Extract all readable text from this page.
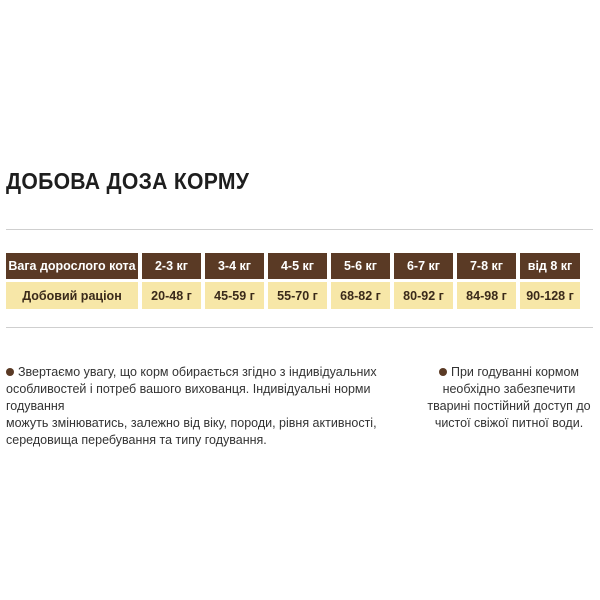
ДОБОВА ДОЗА КОРМУ
Вага дорослого кота	2-3 кг	3-4 кг	4-5 кг	5-6 кг	6-7 кг	7-8 кг	від 8 кг
Добовий раціон	20-48 г	45-59 г	55-70 г	68-82 г	80-92 г	84-98 г	90-128 г
Звертаємо увагу, що корм обирається згідно з індивідуальних
особливостей і потреб вашого вихованця. Індивідуальні норми годування
можуть змінюватись, залежно від віку, породи, рівня активності,
середовища перебування та типу годування.
При годуванні кормом
необхідно забезпечити
тварині постійний доступ до
чистої свіжої питної води.
